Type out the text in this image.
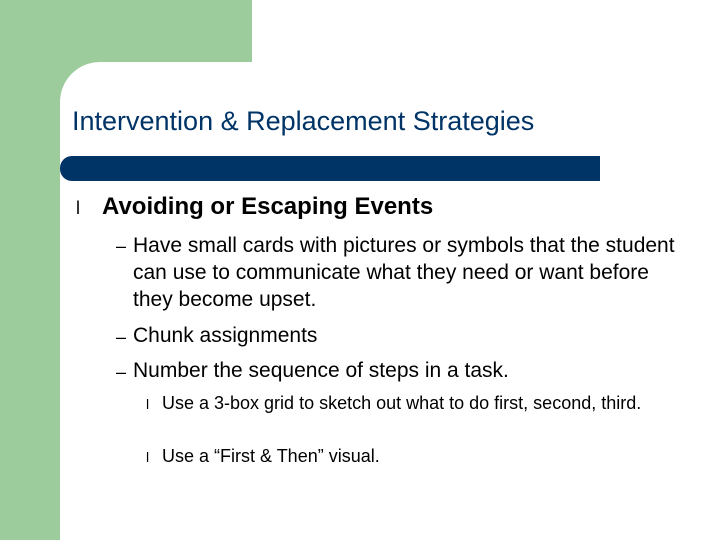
Intervention & Replacement Strategies
l Avoiding or Escaping Events
– Have small cards with pictures or symbols that the student can use to communicate what they need or want before they become upset.
– Chunk assignments
– Number the sequence of steps in a task.
l Use a 3-box grid to sketch out what to do first, second, third.
l Use a “First & Then” visual.
